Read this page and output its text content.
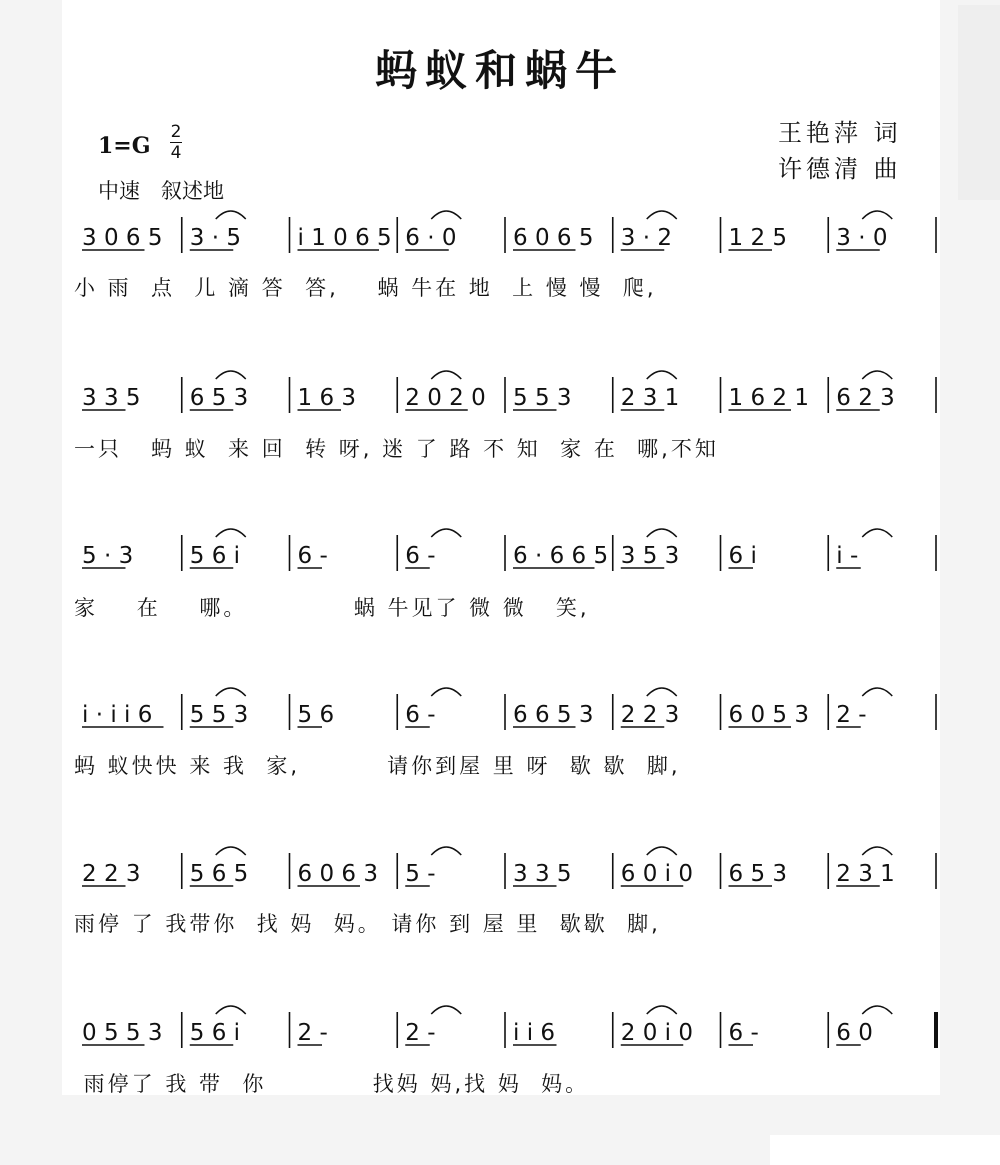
蚂蚁和蜗牛
1=G
2
4
中速　叙述地
王艳萍 词
许德清 曲
3 0 6 5 3 · 5 i 1 0 6 5 6 · 0 6 0 6 5 3 · 2 1 2 5 3 · 0
3 3 5 6 5 3 1 6 3 2 0 2 0 5 5 3 2 3 1 1 6 2 1 6 2 3
5 · 3 5 6 i 6 -	6 -	6 · 6 6 5 3 5 3 6 i	i -
i · i i 6 5 5 3 5 6	6 -	6 6 5 3 2 2 3 6 0 5 3 2 -
2 2 3 5 6 5 6 0 6 3 5 -	3 3 5 6 0 i 0 6 5 3 2 3 1
0 5 5 3 5 6 i 2 -	2 -	i i 6	2 0 i 0 6 -	6 0
小 雨  点  儿 滴 答  答,    蜗 牛在 地  上 慢 慢  爬,
一只   蚂 蚁  来 回  转 呀, 迷 了 路 不 知  家 在  哪,不知
家    在    哪。           蜗 牛见了 微 微   笑,
蚂 蚁快快 来 我  家,         请你到屋 里 呀  歇 歇  脚,
雨停 了 我带你  找 妈  妈。 请你 到 屋 里  歇歇  脚,
雨停了 我 带  你           找妈 妈,找 妈  妈。
